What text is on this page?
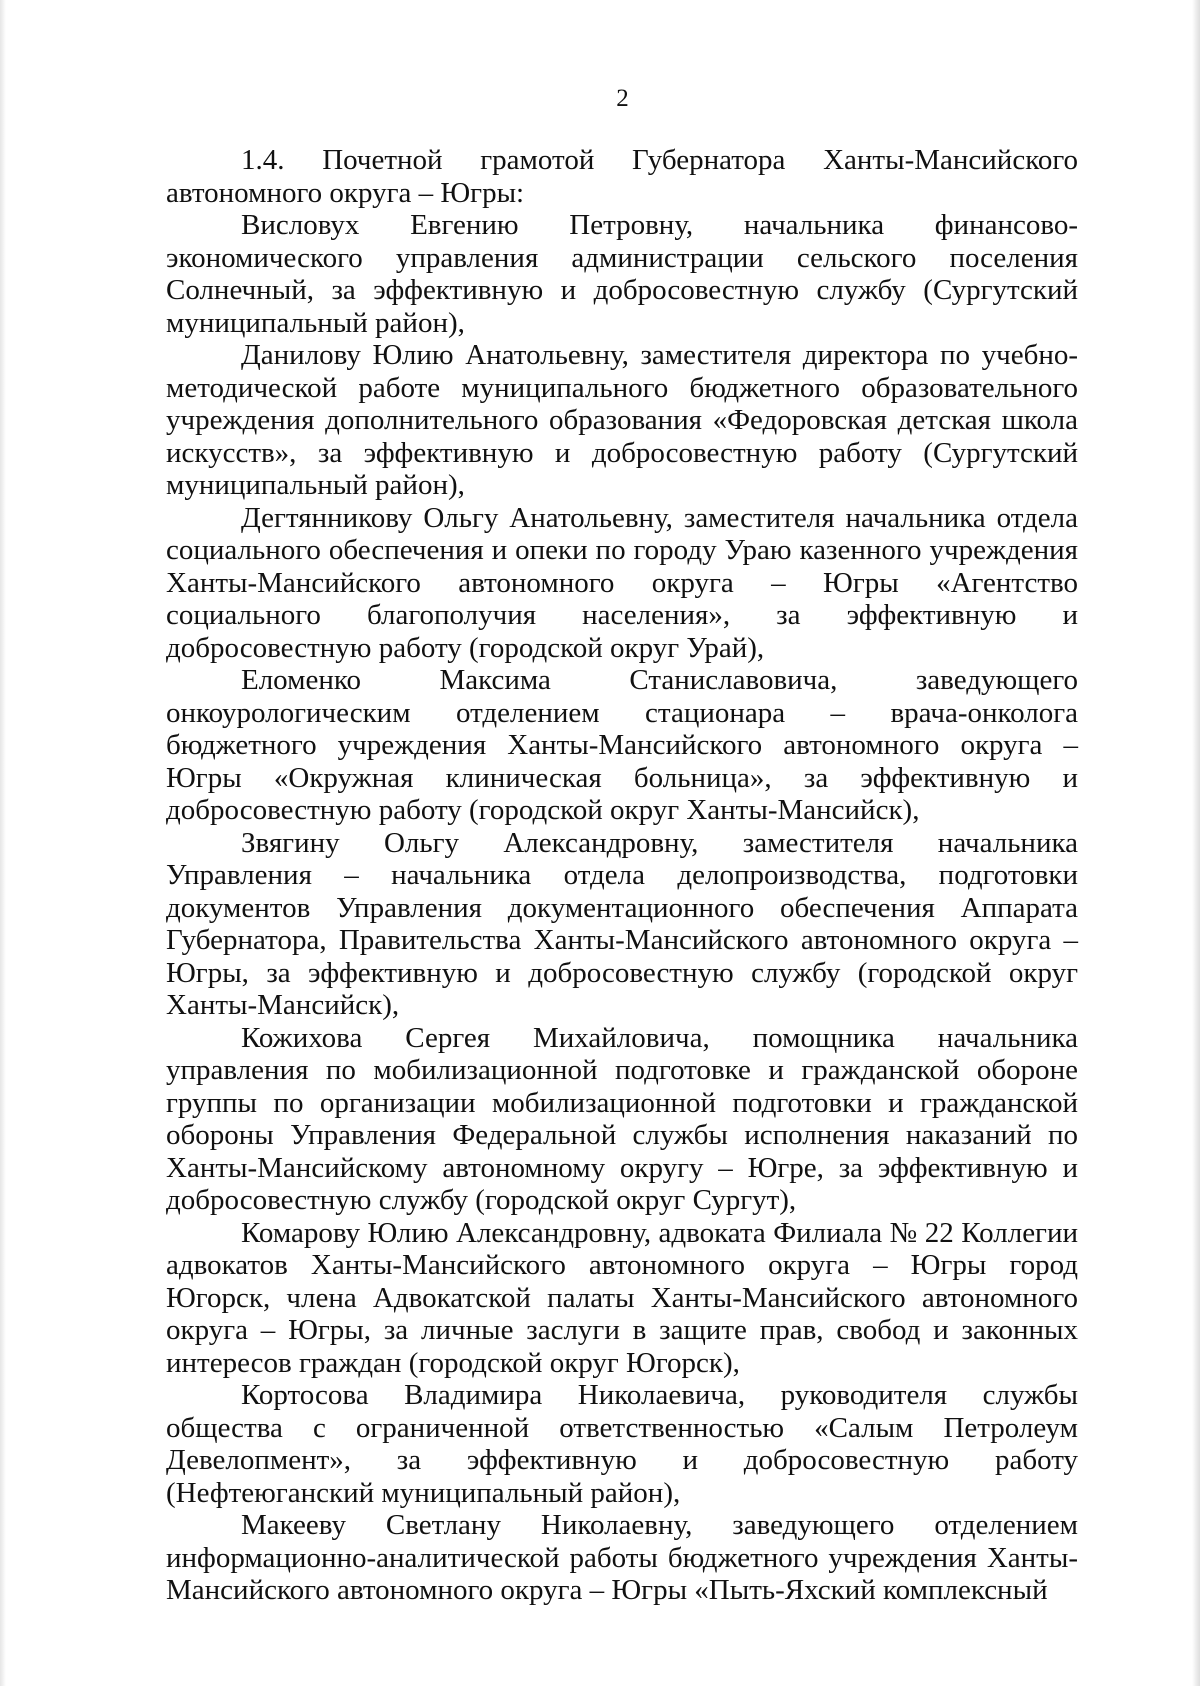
2

1.4. Почетной грамотой Губернатора Ханты-Мансийского автономного округа – Югры:

Висловух Евгению Петровну, начальника финансово-экономического управления администрации сельского поселения Солнечный, за эффективную и добросовестную службу (Сургутский муниципальный район),

Данилову Юлию Анатольевну, заместителя директора по учебно-методической работе муниципального бюджетного образовательного учреждения дополнительного образования «Федоровская детская школа искусств», за эффективную и добросовестную работу (Сургутский муниципальный район),

Дегтянникову Ольгу Анатольевну, заместителя начальника отдела социального обеспечения и опеки по городу Ураю казенного учреждения Ханты-Мансийского автономного округа – Югры «Агентство социального благополучия населения», за эффективную и добросовестную работу (городской округ Урай),

Еломенко Максима Станиславовича, заведующего онкоурологическим отделением стационара – врача-онколога бюджетного учреждения Ханты-Мансийского автономного округа – Югры «Окружная клиническая больница», за эффективную и добросовестную работу (городской округ Ханты-Мансийск),

Звягину Ольгу Александровну, заместителя начальника Управления – начальника отдела делопроизводства, подготовки документов Управления документационного обеспечения Аппарата Губернатора, Правительства Ханты-Мансийского автономного округа – Югры, за эффективную и добросовестную службу (городской округ Ханты-Мансийск),

Кожихова Сергея Михайловича, помощника начальника управления по мобилизационной подготовке и гражданской обороне группы по организации мобилизационной подготовки и гражданской обороны Управления Федеральной службы исполнения наказаний по Ханты-Мансийскому автономному округу – Югре, за эффективную и добросовестную службу (городской округ Сургут),

Комарову Юлию Александровну, адвоката Филиала № 22 Коллегии адвокатов Ханты-Мансийского автономного округа – Югры город Югорск, члена Адвокатской палаты Ханты-Мансийского автономного округа – Югры, за личные заслуги в защите прав, свобод и законных интересов граждан (городской округ Югорск),

Кортосова Владимира Николаевича, руководителя службы общества с ограниченной ответственностью «Салым Петролеум Девелопмент», за эффективную и добросовестную работу (Нефтеюганский муниципальный район),

Макееву Светлану Николаевну, заведующего отделением информационно-аналитической работы бюджетного учреждения Ханты-Мансийского автономного округа – Югры «Пыть-Яхский комплексный
